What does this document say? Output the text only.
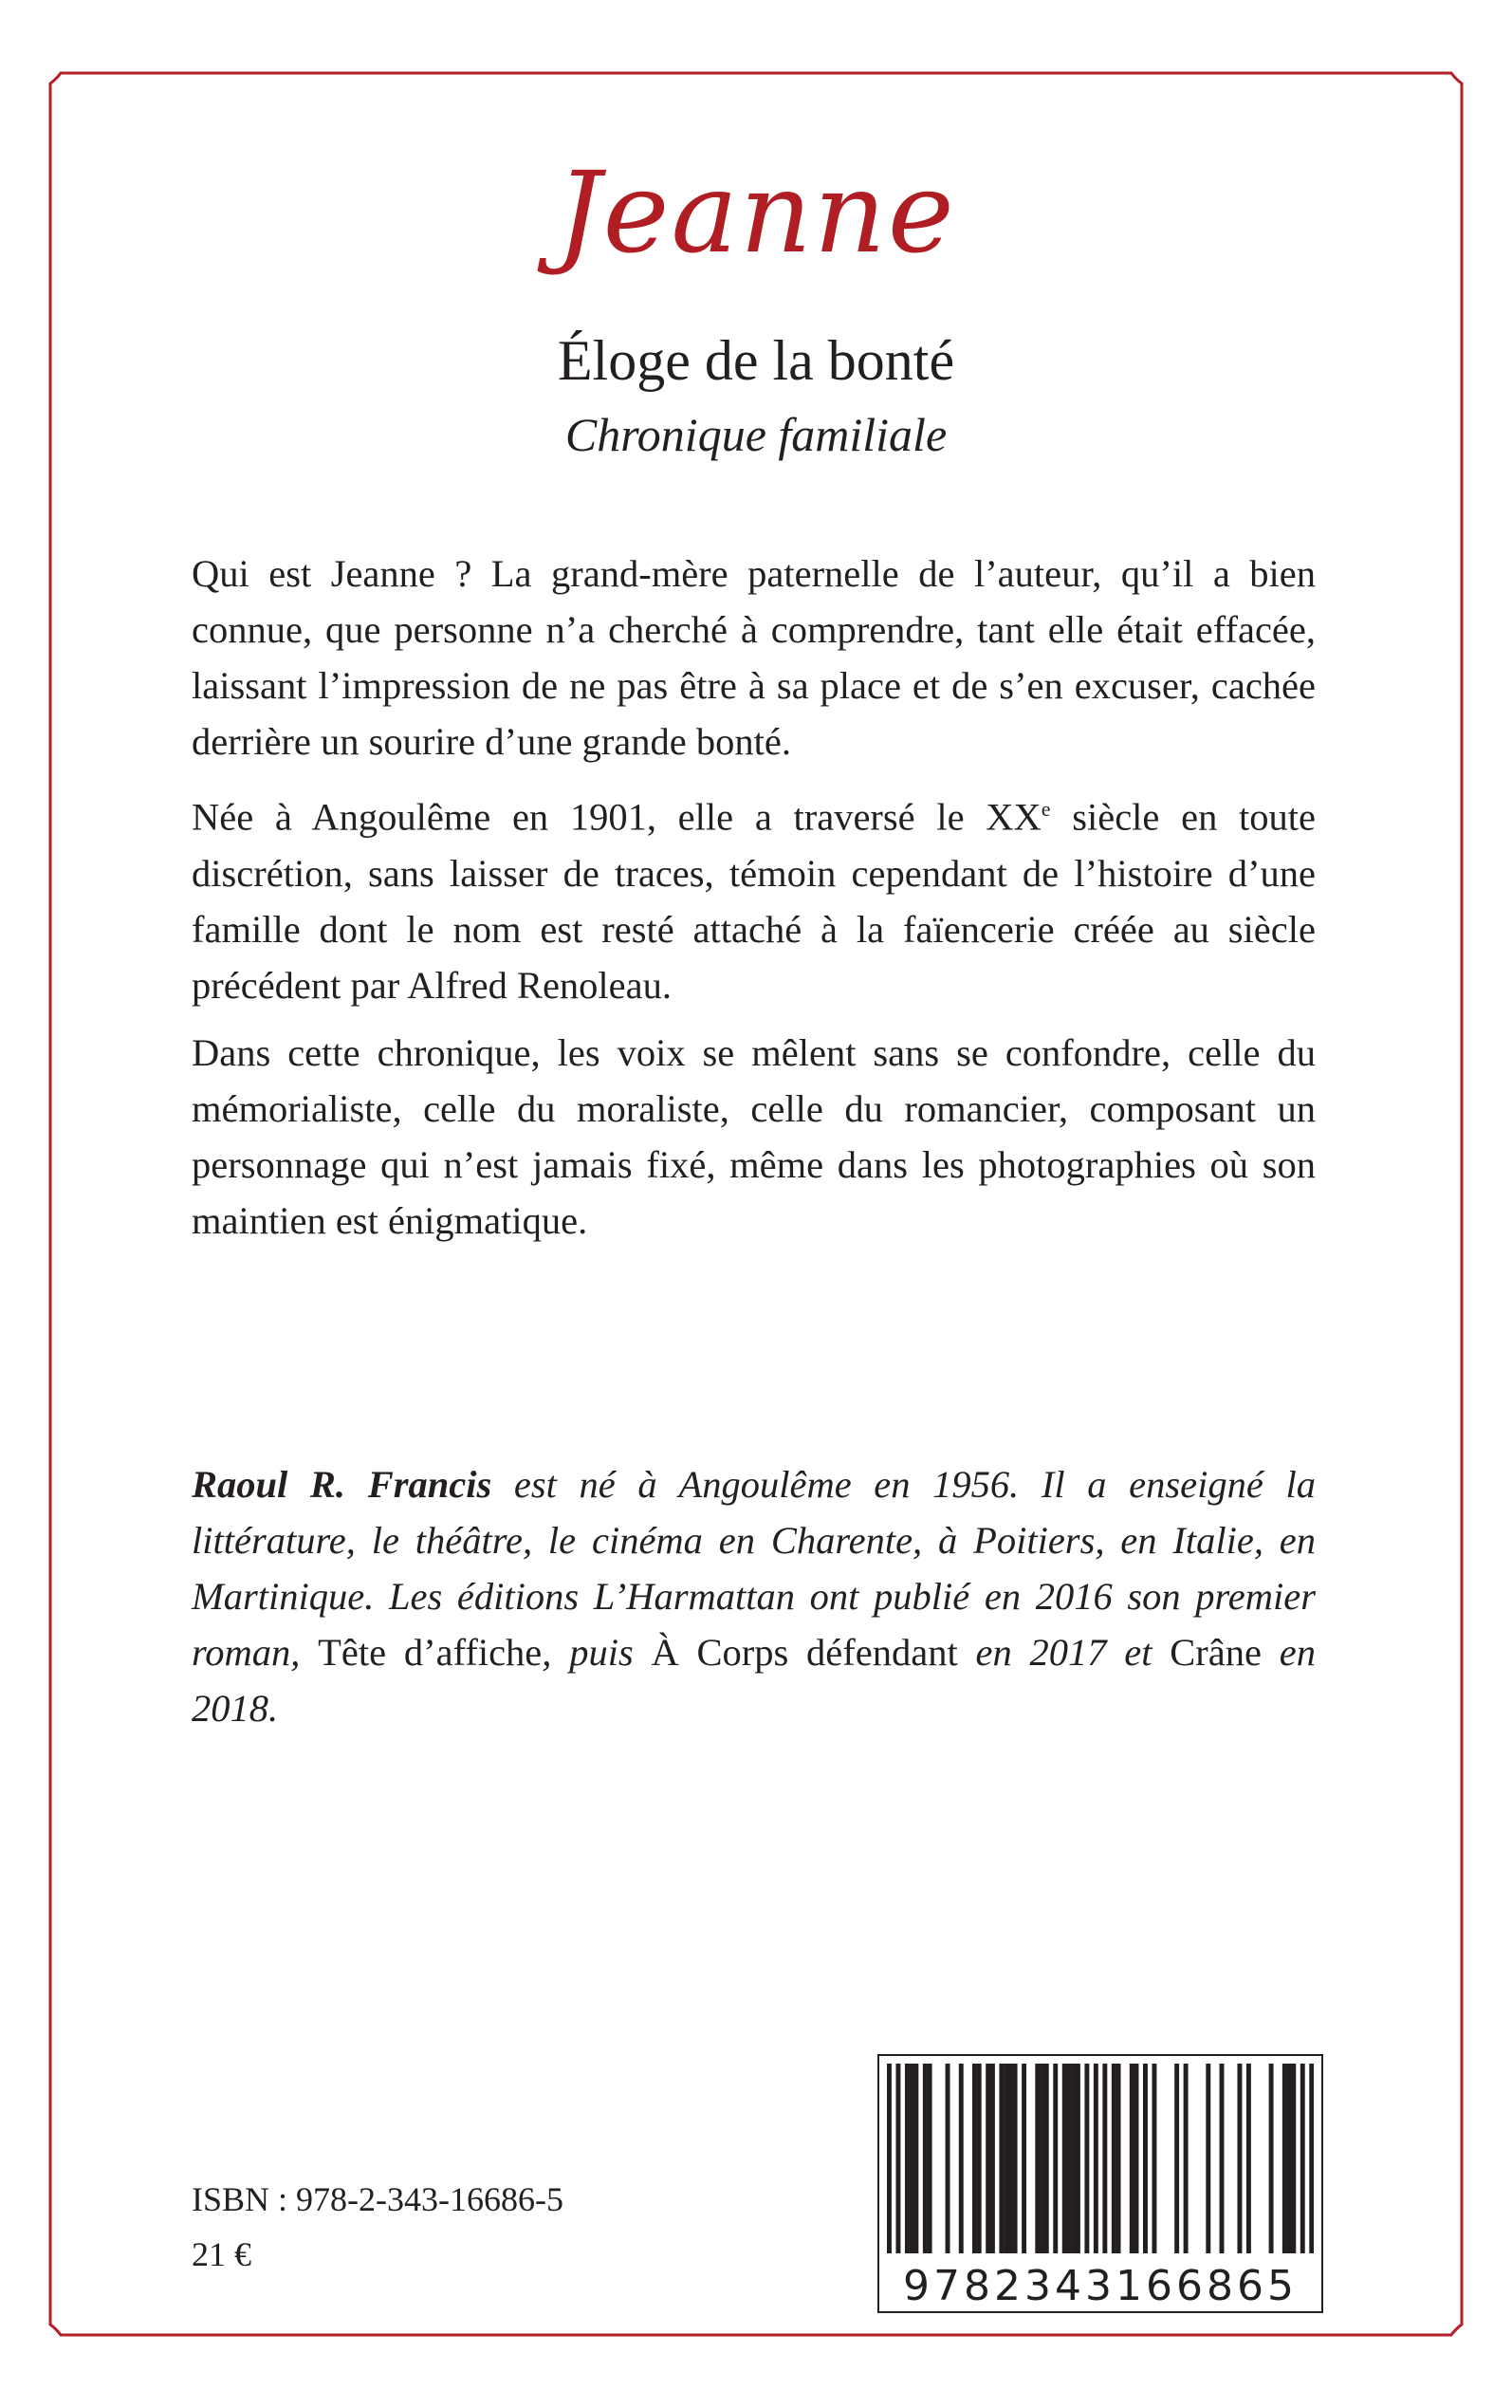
Jeanne
Éloge de la bonté
Chronique familiale

Qui est Jeanne ? La grand-mère paternelle de l’auteur, qu’il a bien connue, que personne n’a cherché à comprendre, tant elle était effacée, laissant l’impression de ne pas être à sa place et de s’en excuser, cachée derrière un sourire d’une grande bonté.

Née à Angoulême en 1901, elle a traversé le XXe siècle en toute discrétion, sans laisser de traces, témoin cependant de l’histoire d’une famille dont le nom est resté attaché à la faïencerie créée au siècle précédent par Alfred Renoleau.

Dans cette chronique, les voix se mêlent sans se confondre, celle du mémorialiste, celle du moraliste, celle du romancier, composant un personnage qui n’est jamais fixé, même dans les photographies où son maintien est énigmatique.

Raoul R. Francis est né à Angoulême en 1956. Il a enseigné la littérature, le théâtre, le cinéma en Charente, à Poitiers, en Italie, en Martinique. Les éditions L’Harmattan ont publié en 2016 son premier roman, Tête d’affiche, puis À Corps défendant en 2017 et Crâne en 2018.
ISBN : 978-2-343-16686-5
21 €
9782343166865
